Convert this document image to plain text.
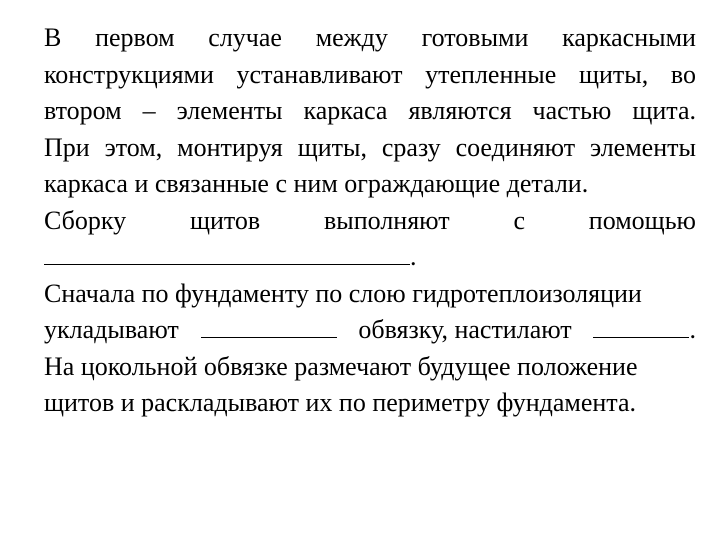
В первом случае между готовыми каркасными
конструкциями устанавливают утепленные щиты, во
втором – элементы каркаса являются частью щита.
При этом, монтируя щиты, сразу соединяют элементы
каркаса и связанные с ним ограждающие детали.
Сборку щитов выполняют с помощью
.
Сначала по фундаменту по слою гидротеплоизоляции
укладывают	обвязку, настилают	.
На цокольной обвязке размечают будущее положение
щитов и раскладывают их по периметру фундамента.
